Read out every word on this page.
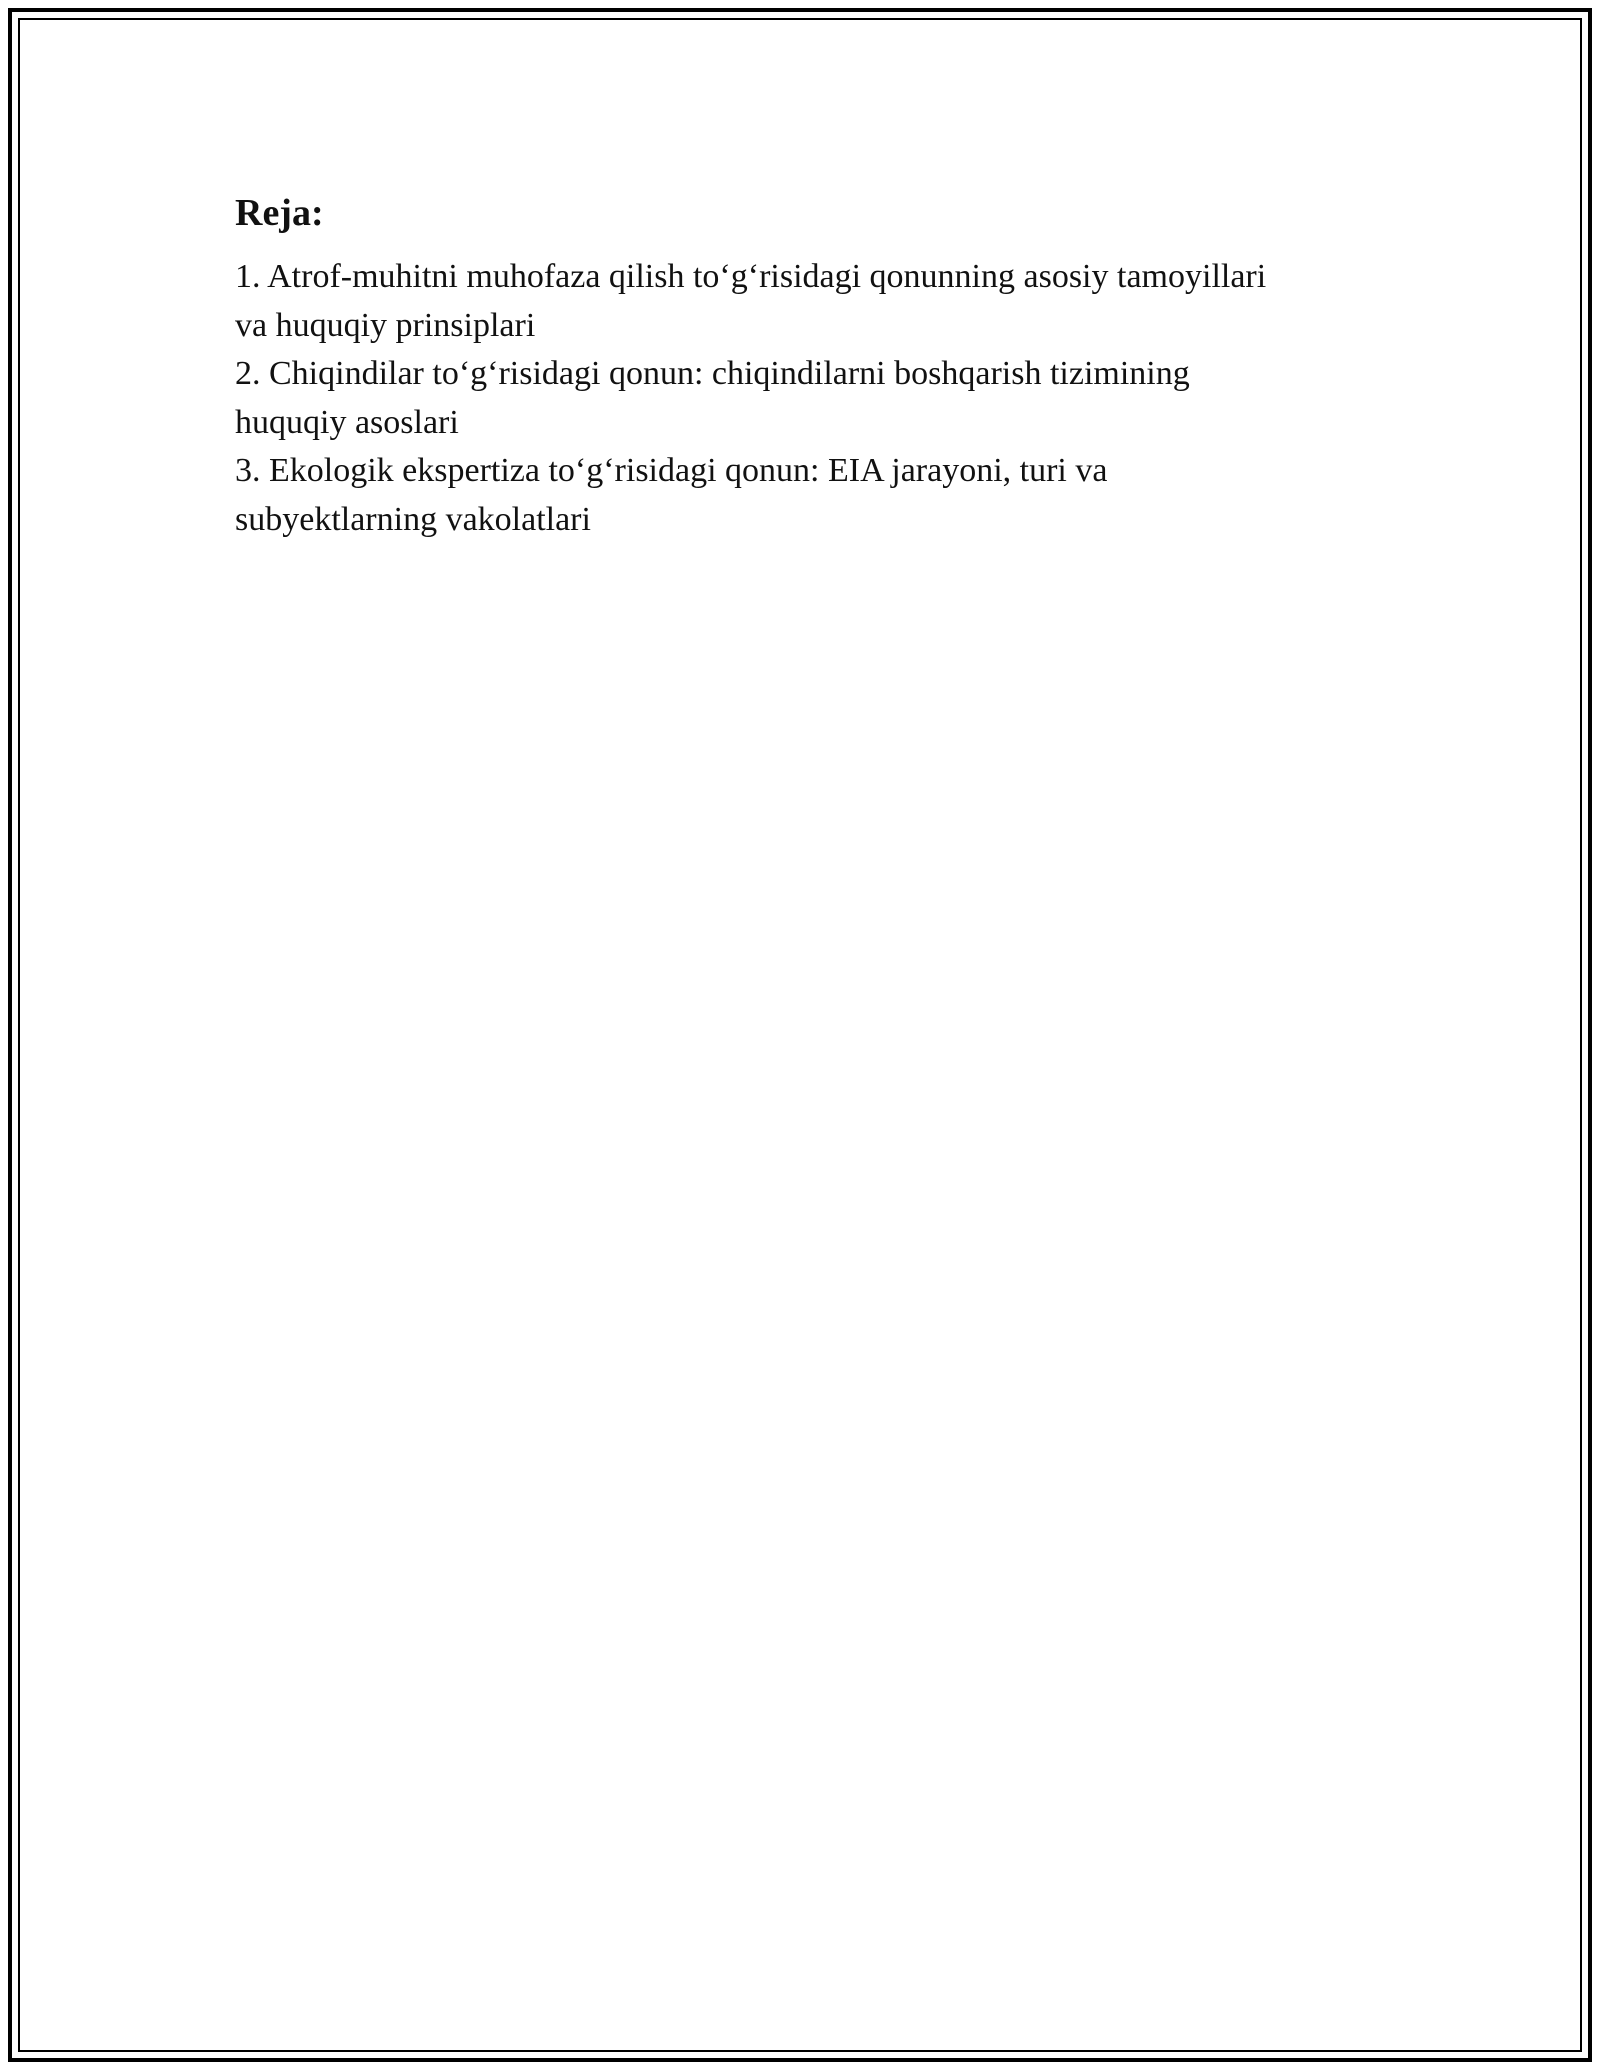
Reja:
1. Atrof-muhitni muhofaza qilish to‘g‘risidagi qonunning asosiy tamoyillari
va huquqiy prinsiplari
2. Chiqindilar to‘g‘risidagi qonun: chiqindilarni boshqarish tizimining
huquqiy asoslari
3. Ekologik ekspertiza to‘g‘risidagi qonun: EIA jarayoni, turi va
subyektlarning vakolatlari
